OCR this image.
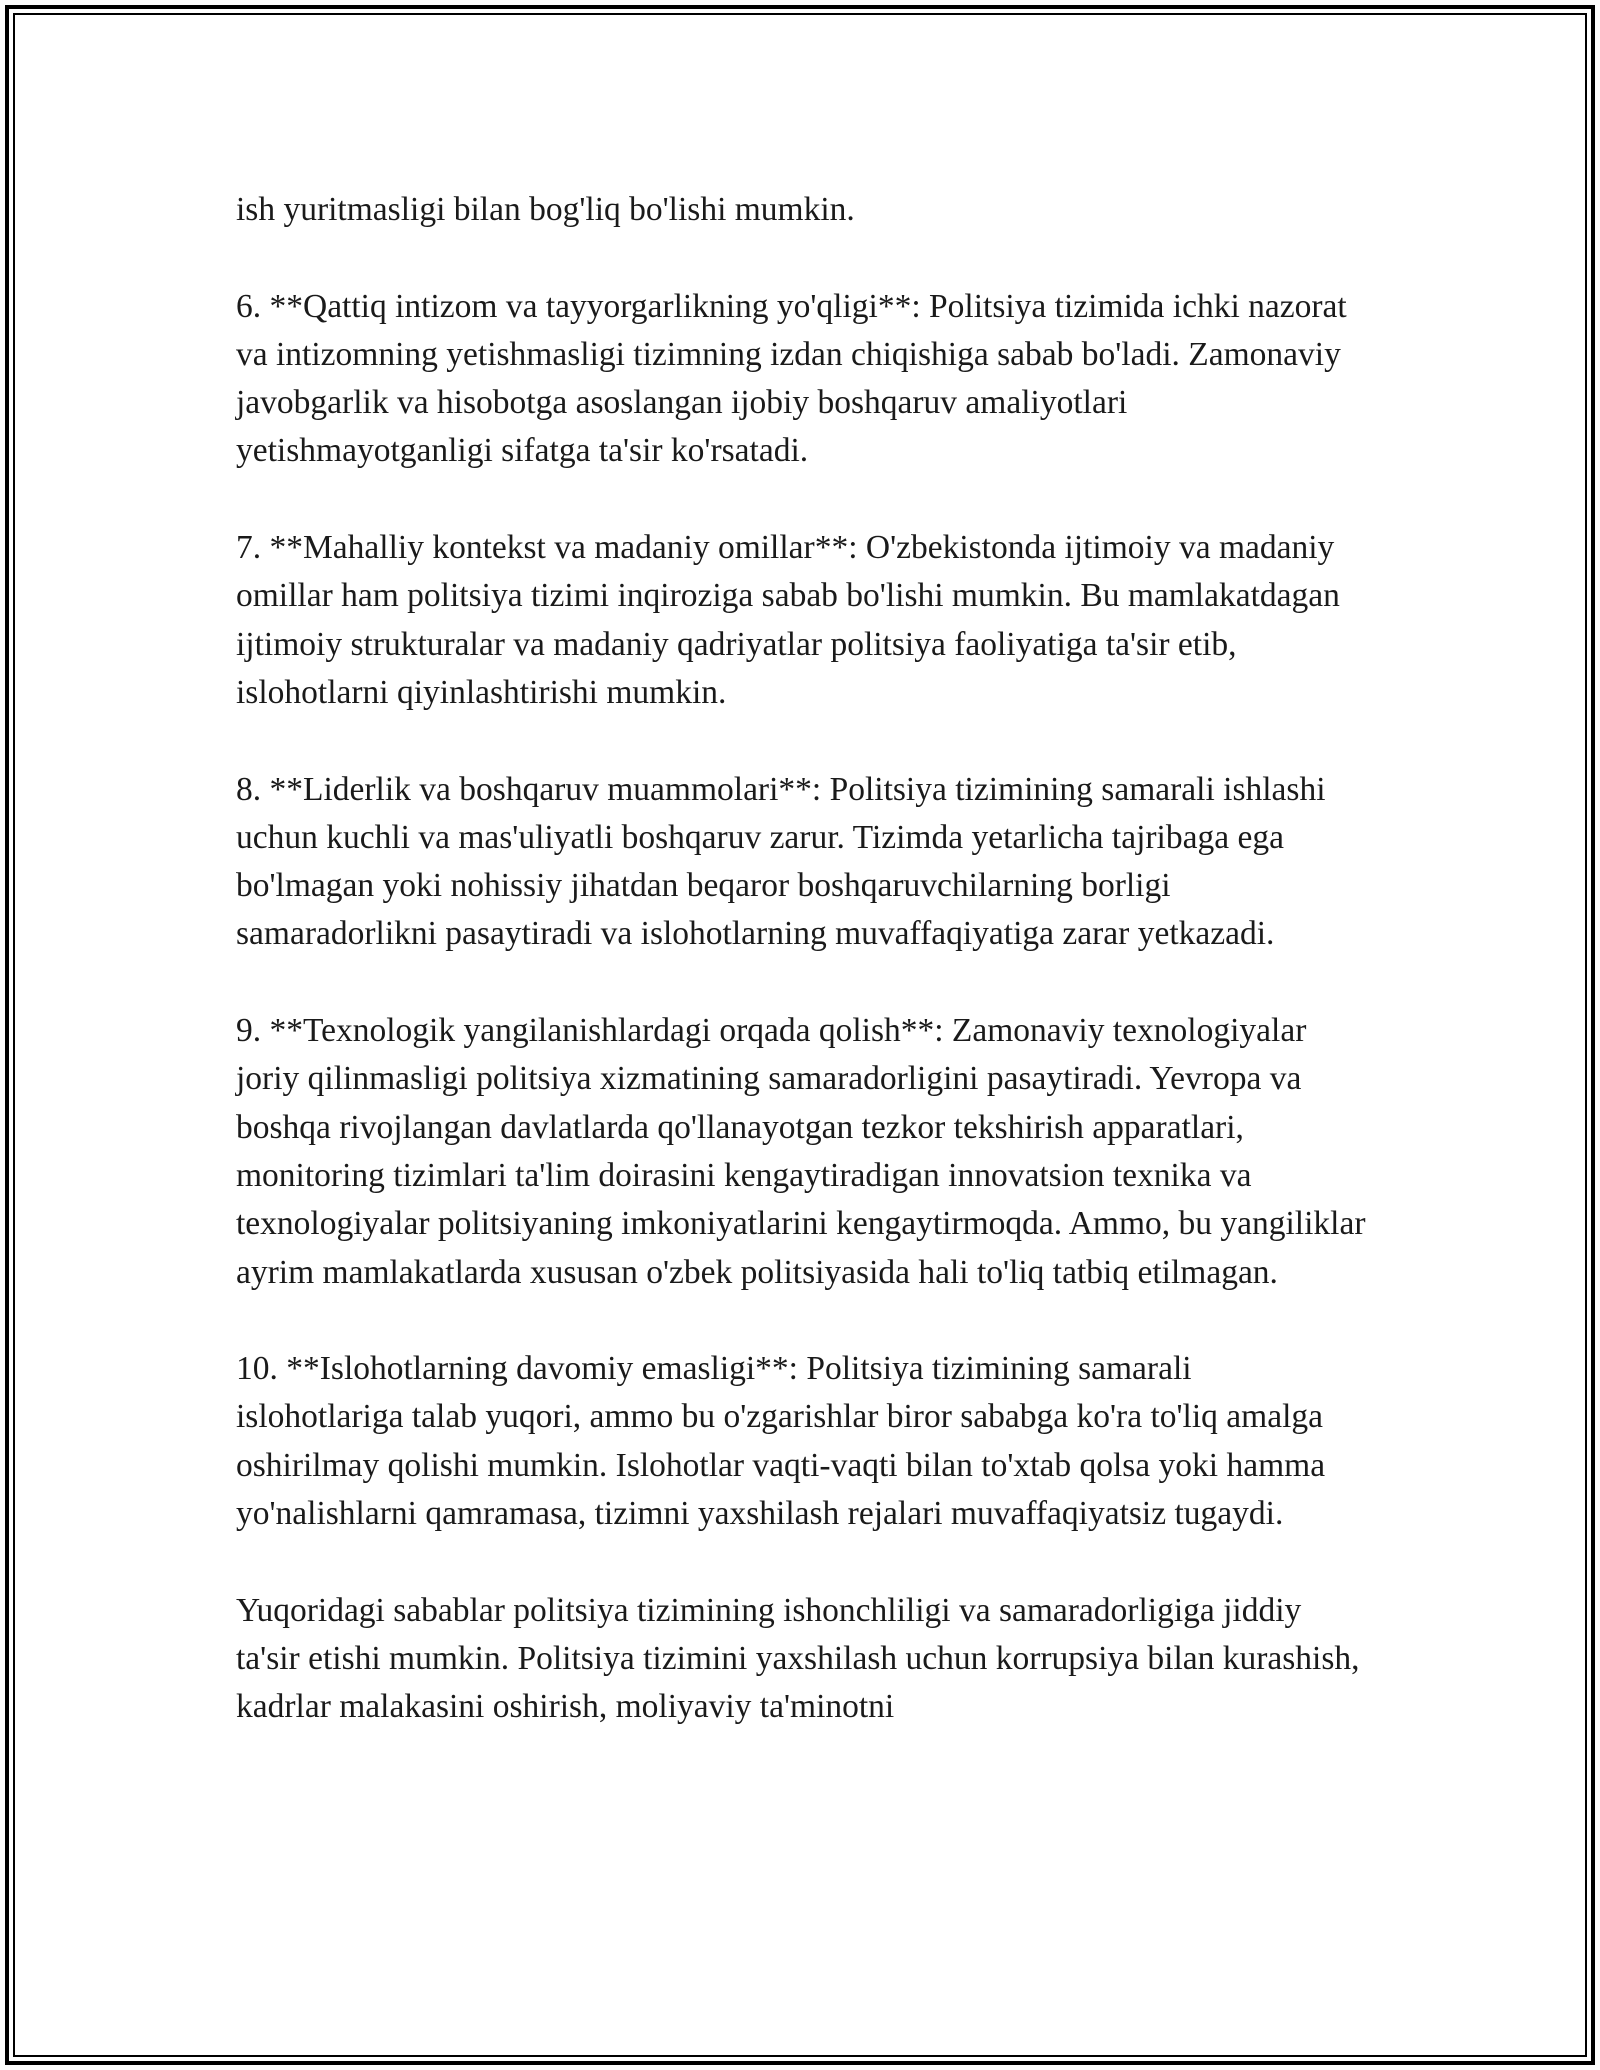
ish yuritmasligi bilan bog'liq bo'lishi mumkin.

6. **Qattiq intizom va tayyorgarlikning yo'qligi**: Politsiya tizimida ichki nazorat va intizomning yetishmasligi tizimning izdan chiqishiga sabab bo'ladi. Zamonaviy javobgarlik va hisobotga asoslangan ijobiy boshqaruv amaliyotlari yetishmayotganligi sifatga ta'sir ko'rsatadi.

7. **Mahalliy kontekst va madaniy omillar**: O'zbekistonda ijtimoiy va madaniy omillar ham politsiya tizimi inqiroziga sabab bo'lishi mumkin. Bu mamlakatdagan ijtimoiy strukturalar va madaniy qadriyatlar politsiya faoliyatiga ta'sir etib, islohotlarni qiyinlashtirishi mumkin.

8. **Liderlik va boshqaruv muammolari**: Politsiya tizimining samarali ishlashi uchun kuchli va mas'uliyatli boshqaruv zarur. Tizimda yetarlicha tajribaga ega bo'lmagan yoki nohissiy jihatdan beqaror boshqaruvchilarning borligi samaradorlikni pasaytiradi va islohotlarning muvaffaqiyatiga zarar yetkazadi.

9. **Texnologik yangilanishlardagi orqada qolish**: Zamonaviy texnologiyalar joriy qilinmasligi politsiya xizmatining samaradorligini pasaytiradi. Yevropa va boshqa rivojlangan davlatlarda qo'llanayotgan tezkor tekshirish apparatlari, monitoring tizimlari ta'lim doirasini kengaytiradigan innovatsion texnika va texnologiyalar politsiyaning imkoniyatlarini kengaytirmoqda. Ammo, bu yangiliklar ayrim mamlakatlarda xususan o'zbek politsiyasida hali to'liq tatbiq etilmagan.

10. **Islohotlarning davomiy emasligi**: Politsiya tizimining samarali islohotlariga talab yuqori, ammo bu o'zgarishlar biror sababga ko'ra to'liq amalga oshirilmay qolishi mumkin. Islohotlar vaqti-vaqti bilan to'xtab qolsa yoki hamma yo'nalishlarni qamramasa, tizimni yaxshilash rejalari muvaffaqiyatsiz tugaydi.

Yuqoridagi sabablar politsiya tizimining ishonchliligi va samaradorligiga jiddiy ta'sir etishi mumkin. Politsiya tizimini yaxshilash uchun korrupsiya bilan kurashish, kadrlar malakasini oshirish, moliyaviy ta'minotni
